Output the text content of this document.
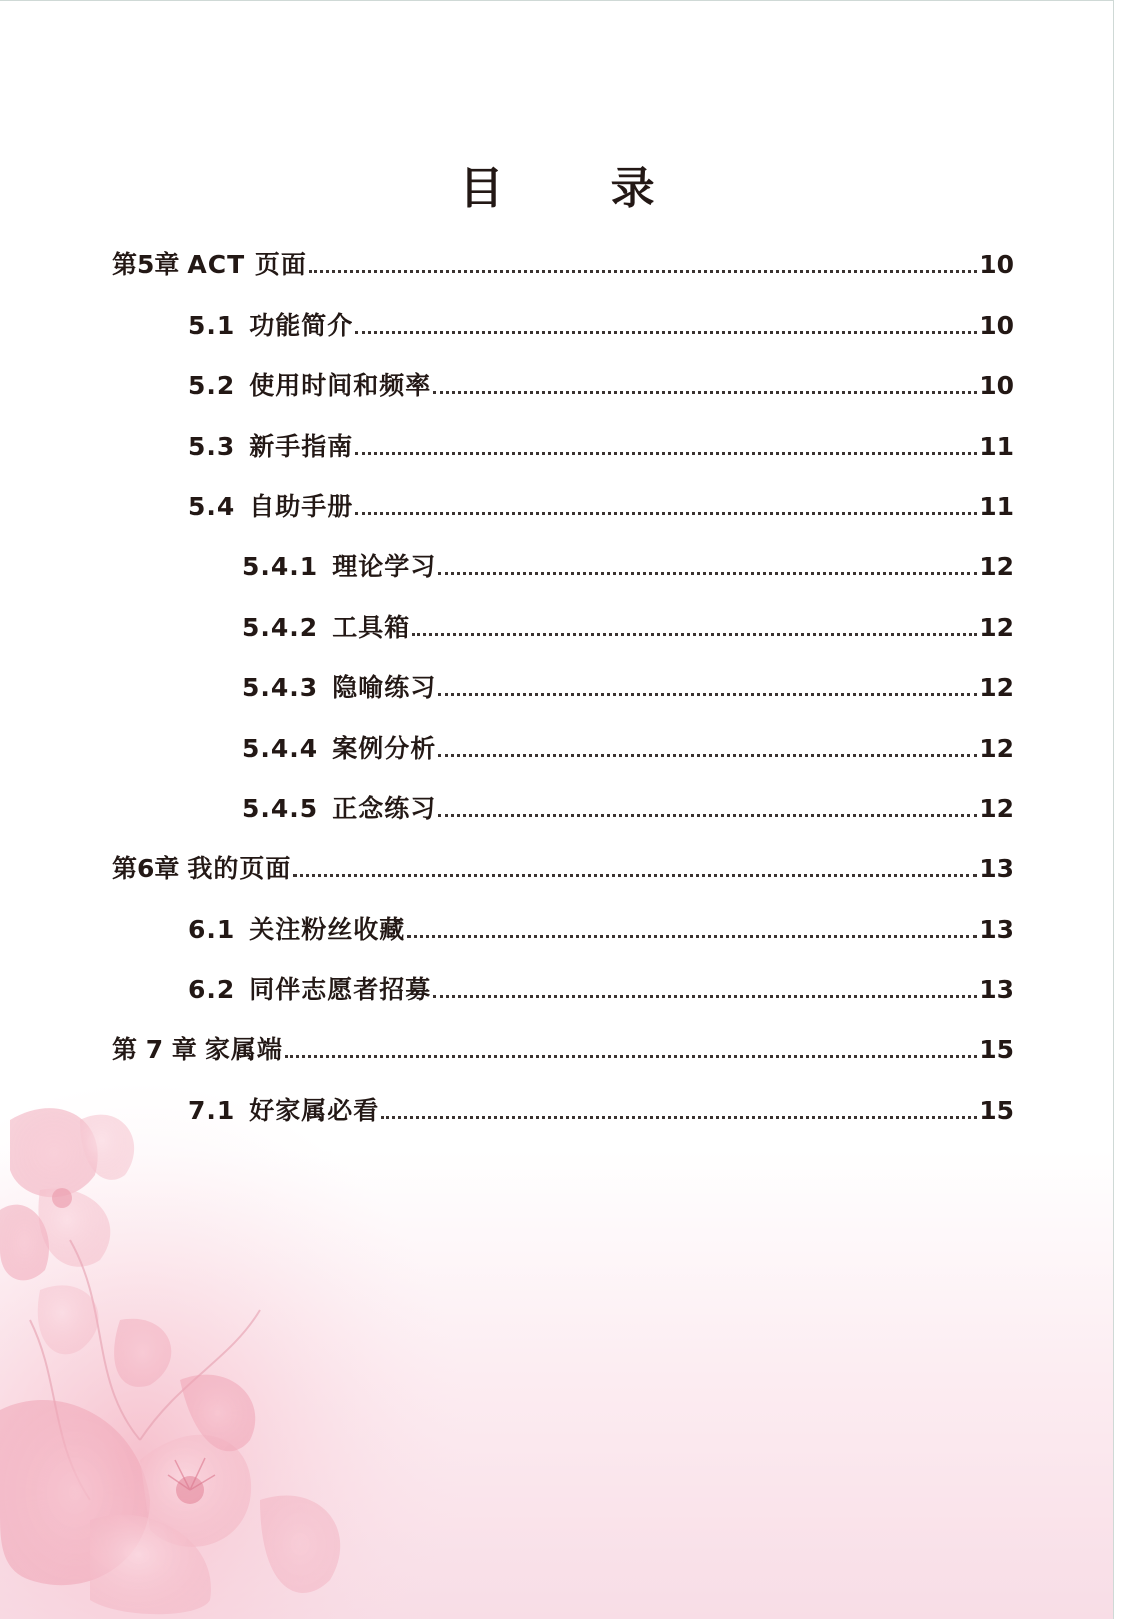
目 录
第5章 ACT 页面	10
5.1 功能简介	10
5.2 使用时间和频率	10
5.3 新手指南	11
5.4 自助手册	11
5.4.1 理论学习	12
5.4.2 工具箱	12
5.4.3 隐喻练习	12
5.4.4 案例分析	12
5.4.5 正念练习	12
第6章 我的页面	13
6.1 关注粉丝收藏	13
6.2 同伴志愿者招募	13
第 7 章 家属端	15
7.1 好家属必看	15
